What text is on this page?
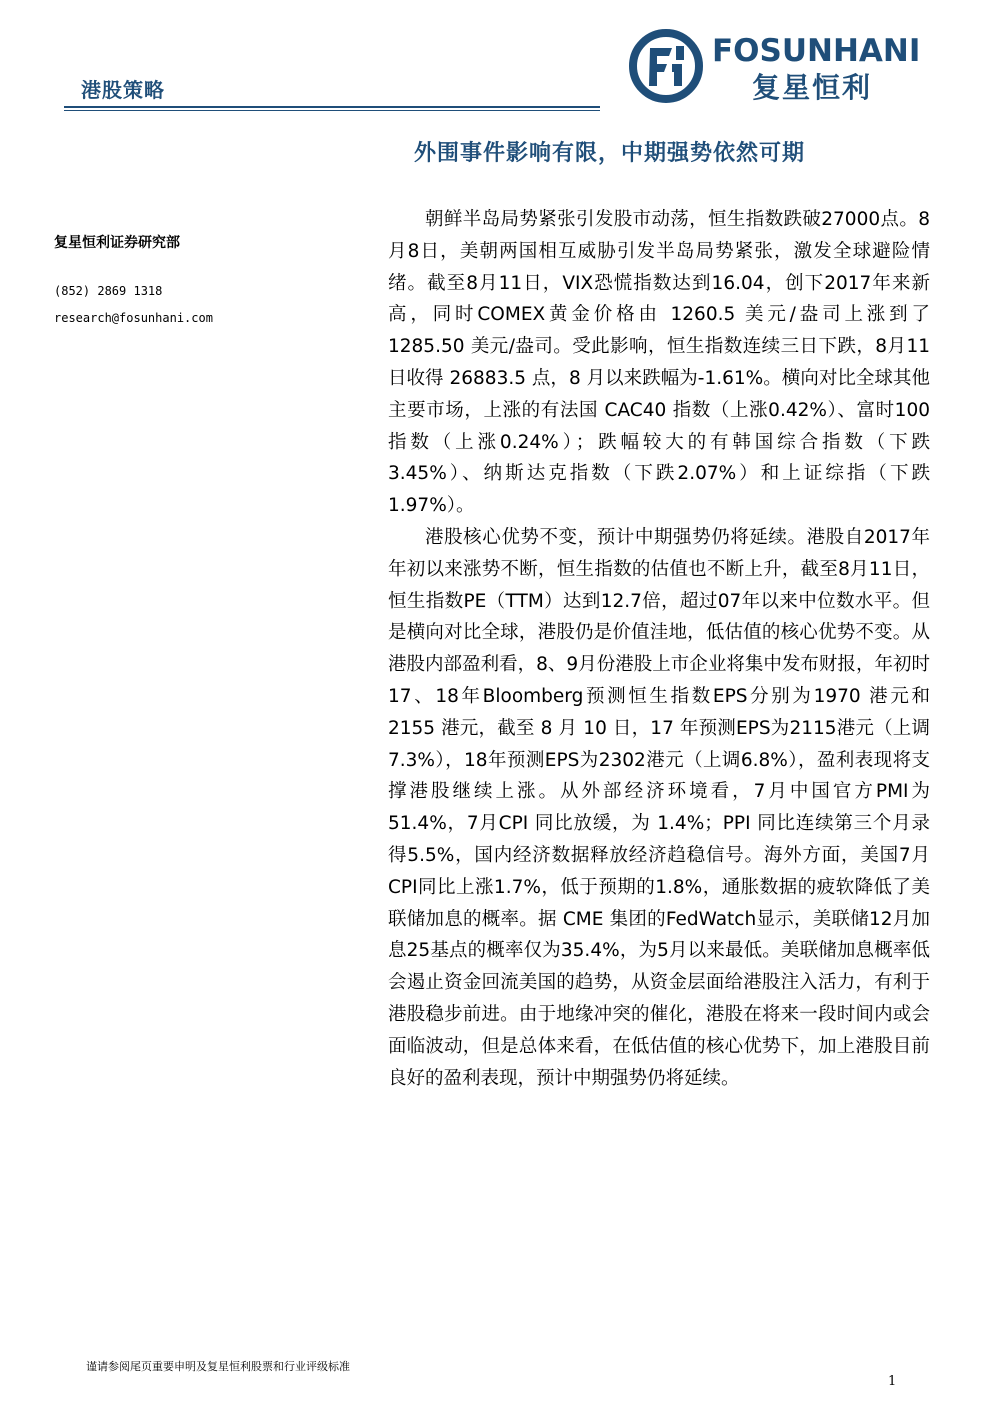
港股策略
FOSUNHANI
复星恒利
外围事件影响有限，中期强势依然可期
复星恒利证券研究部
(852) 2869 1318
research@fosunhani.com

朝鲜半岛局势紧张引发股市动荡，恒生指数跌破27000点。8月8日，美朝两国相互威胁引发半岛局势紧张，激发全球避险情绪。截至8月11日，VIX恐慌指数达到16.04，创下2017年来新高，同时COMEX黄金价格由 1260.5 美元/盎司上涨到了 1285.50 美元/盎司。受此影响，恒生指数连续三日下跌，8月11日收得 26883.5 点，8 月以来跌幅为-1.61%。横向对比全球其他主要市场，上涨的有法国 CAC40 指数（上涨0.42%）、富时100指数（上涨0.24%）；跌幅较大的有韩国综合指数（下跌 3.45%）、纳斯达克指数（下跌2.07%）和上证综指（下跌1.97%）。

港股核心优势不变，预计中期强势仍将延续。港股自2017年年初以来涨势不断，恒生指数的估值也不断上升，截至8月11日，恒生指数PE（TTM）达到12.7倍，超过07年以来中位数水平。但是横向对比全球，港股仍是价值洼地，低估值的核心优势不变。从港股内部盈利看，8、9月份港股上市企业将集中发布财报，年初时17、18年Bloomberg预测恒生指数EPS分别为1970 港元和 2155 港元，截至 8 月 10 日，17 年预测EPS为2115港元（上调7.3%），18年预测EPS为2302港元（上调6.8%），盈利表现将支撑港股继续上涨。从外部经济环境看，7月中国官方PMI为51.4%，7月CPI 同比放缓，为 1.4%；PPI 同比连续第三个月录得5.5%，国内经济数据释放经济趋稳信号。海外方面，美国7月CPI同比上涨1.7%，低于预期的1.8%，通胀数据的疲软降低了美联储加息的概率。据 CME 集团的FedWatch显示，美联储12月加息25基点的概率仅为35.4%，为5月以来最低。美联储加息概率低会遏止资金回流美国的趋势，从资金层面给港股注入活力，有利于港股稳步前进。由于地缘冲突的催化，港股在将来一段时间内或会面临波动，但是总体来看，在低估值的核心优势下，加上港股目前良好的盈利表现，预计中期强势仍将延续。

谨请参阅尾页重要申明及复星恒利股票和行业评级标准
1
